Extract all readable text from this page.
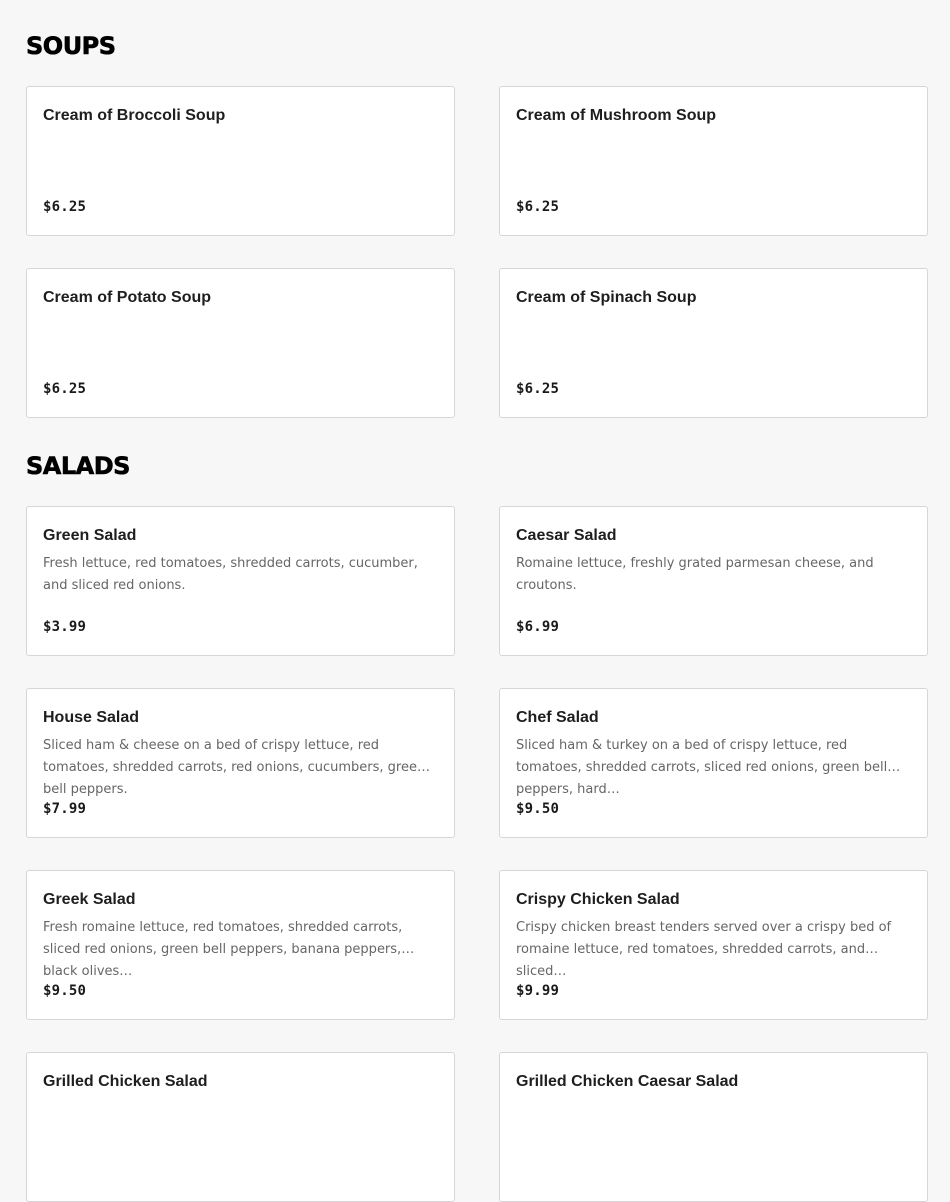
SOUPS
Cream of Broccoli Soup
$6.25
Cream of Mushroom Soup
$6.25
Cream of Potato Soup
$6.25
Cream of Spinach Soup
$6.25
SALADS
Green Salad
Fresh lettuce, red tomatoes, shredded carrots, cucumber, and sliced red onions.
$3.99
Caesar Salad
Romaine lettuce, freshly grated parmesan cheese, and croutons.
$6.99
House Salad
Sliced ham & cheese on a bed of crispy lettuce, red tomatoes, shredded carrots, red onions, cucumbers, green bell peppers.
$7.99
Chef Salad
Sliced ham & turkey on a bed of crispy lettuce, red tomatoes, shredded carrots, sliced red onions, green bell peppers, hard…
$9.50
Greek Salad
Fresh romaine lettuce, red tomatoes, shredded carrots, sliced red onions, green bell peppers, banana peppers, black olives…
$9.50
Crispy Chicken Salad
Crispy chicken breast tenders served over a crispy bed of romaine lettuce, red tomatoes, shredded carrots, and sliced…
$9.99
Grilled Chicken Salad	Grilled Chicken Caesar Salad
